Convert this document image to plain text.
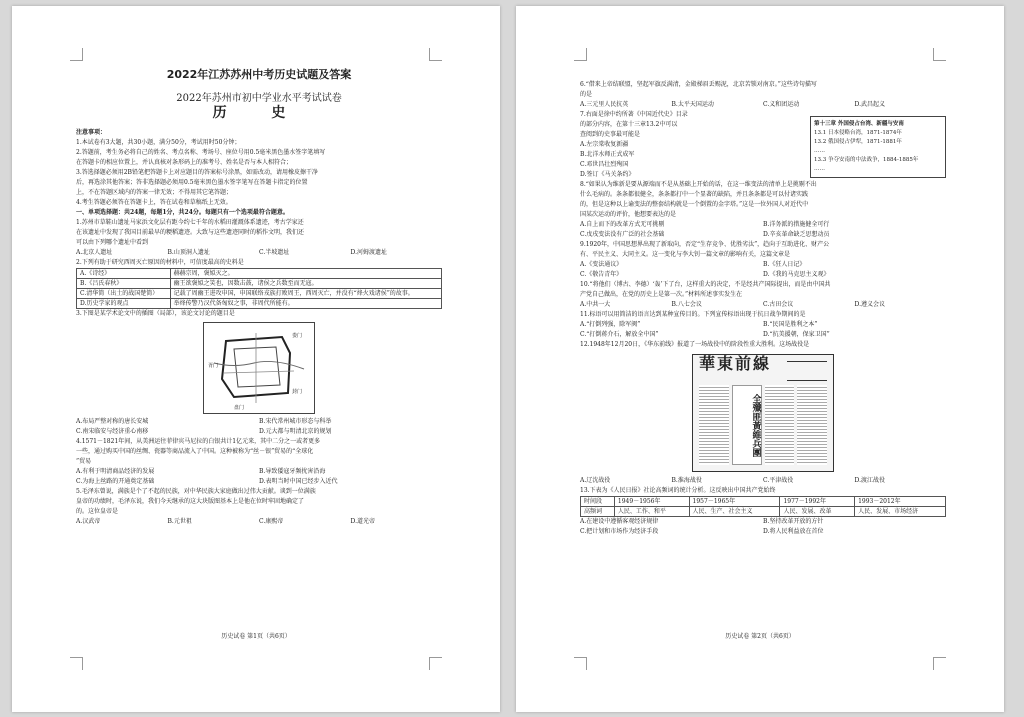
2022年江苏苏州中考历史试题及答案
2022年苏州市初中学业水平考试试卷
历 史
注意事项：
1.本试卷有3大题，共30小题，满分50分，考试用时50分钟；
2.答题前，考生务必将自己的姓名、考点名称、考场号、座位号用0.5毫米黑色墨水签字笔填写
在答题卡的相应位置上，并认真核对条形码上的准考号、姓名是否与本人相符合；
3.答选择题必须用2B铅笔把答题卡上对应题目的答案标号涂黑，如需改动，请用橡皮擦干净
后，再选涂其他答案；答非选择题必须用0.5毫米黑色墨水签字笔写在答题卡指定的位置
上，不在答题区域内的答案一律无效；不得用其它笔答题；
4.考生答题必须答在答题卡上，答在试卷和草稿纸上无效。
一、单项选择题：共24题，每题1分，共24分。每题只有一个选项最符合题意。
1.苏州市草鞋山遗址马家浜文化层有距今约七千年的水稻田灌溉体系遗迹，考古学家还
在该遗址中发现了我国目前最早的粳稻遗迹。大致与这些遗迹同时的稻作文明，我们还
可以由下列哪个遗址中看到
A.北京人遗址	B.山顶洞人遗址	C.半坡遗址	D.河姆渡遗址
2.下列有助于研究西周灭亡原因的材料中，可信度最高的史料是
A.《诗经》	赫赫宗周，褒姒灭之。
B.《吕氏春秋》	幽王欲褒姒之笑也，因数击鼓，诸侯之兵数至而无寇。
C.清华简（出土的战国楚简）	记载了周幽王进攻申国，申国联络戎族打败周王，西周灭亡，并没有“烽火戏诸侯”的故事。
D.历史学家的观点	举烽传警乃汉代备匈奴之事，非周代所能有。
3.下图是某学术论文中的插图（局部），该论文讨论的题目是
娄门
胥门
盘门
葑门
A.布局严整对称的唐长安城	B.宋代常州城市形态与科举
C.南宋临安与经济重心南移	D.元大都与明清北京的规划
4.1571－1821年间，从美洲运往菲律宾马尼拉的白银共计1亿元来，其中二分之一或者更多
一些，通过购买中国的丝绸、瓷器等商品流入了中国。这种被称为“丝－银”贸易的“全球化
”贸易
A.有利于明清商品经济的发展	B.导致倭寇牙频扰害沿海
C.为海上丝路的开通奠定基础	D.表明当时中国已经步入近代
5.毛泽东曾说，满族是个了不起的民族，对中华民族大家庭做出过伟大贡献。谈到一位满族
皇帝的功绩时，毛泽东说，我们今天继承的这大块版图基本上是他在位时牢固地确定了
的。这位皇帝是
A.汉武帝	B.元世祖	C.康熙帝	D.道光帝
历史试卷 第1页（共6页）
6.“借来上帝结联盟，坚起军旗反满清，金殿梯眉丢赐泥，北京苦锁对南京。”这些诗句描写
的是
A.三元里人民抗英	B.太平天国运动	C.义和团运动	D.武昌起义
7.右面是徐中约所著《中国近代史》目录
的部分内容，在第十三章13.2中可以
查阅到的史事最可能是
A.左宗棠收复新疆
B.北洋水师正式成军
C.邓世昌壮烈殉国
D.签订《马关条约》
8.“如果认为维新是要从源端而不是从基础上开始的话，在这一维变法的清单上是挑剔不出
什么毛病的。条条都很健全，条条都打中一个显著的缺陷，并且条条都是可以付诸实践
的，但是这种以上谕变法的整套结构就是一个倒置的金字塔。”这是一位外国人对近代中
国某次运动的评价，他想要表达的是
A.自上而下的改革方式无可挑剔	B.洋务派的措施健全可行
C.戊戌变法没有广泛的社会基础	D.辛亥革命缺乏思想动员
9.1920年，中国思想界出现了新取向，否定“生存竞争、优胜劣汰”，趋向于互助进化、财产公
有、平民主义、大同主义。这一变化与李大钊一篇文章的影响有关，这篇文章是
A.《变法通议》	B.《狂人日记》
C.《敬告青年》	D.《我的马克思主义观》
10.“将他们（博古、李德）‘轰’下了台，这样重大的决定，不是经共产国际提出，而是由中国共
产党自己做出，在党的历史上是第一次。”材料所述事实发生在
A.中共一大	B.八七会议	C.古田会议	D.遵义会议
11.标语可以用简洁的语言达到某种宣传目的。下列宣传标语出现于抗日战争期间的是
A.“打倒列强，除军阀”	B.“民国是胜利之本”
C.“打倒蒋介石，解放全中国”	D.“抗美援朝，保家卫国”
12.1948年12月20日，《华东前线》报道了一场战役中的阶段性重大胜利。这场战役是
華東前線
全殲匪黃維兵團
A.辽沈战役	B.淮海战役	C.平津战役	D.渡江战役
13.下表为《人民日报》社论高频词的统计分析。这反映出中国共产党始终
时间段	1949－1956年	1957－1965年	1977－1992年	1993－2012年
高频词	人民、工作、和平	人民、生产、社会主义	人民、发展、改革	人民、发展、市场经济
A.在建设中遵循客观经济规律	B.坚持改革开放的方针
C.把计划和市场作为经济手段	D.将人民利益放在首位
第十三章 外国侵占台湾、新疆与安南
13.1 日本侵略台湾，1871-1874年
13.2 俄国侵占伊犁，1871-1881年
……
13.3 争夺安南的中法战争，1884-1885年
……
历史试卷 第2页（共6页）
